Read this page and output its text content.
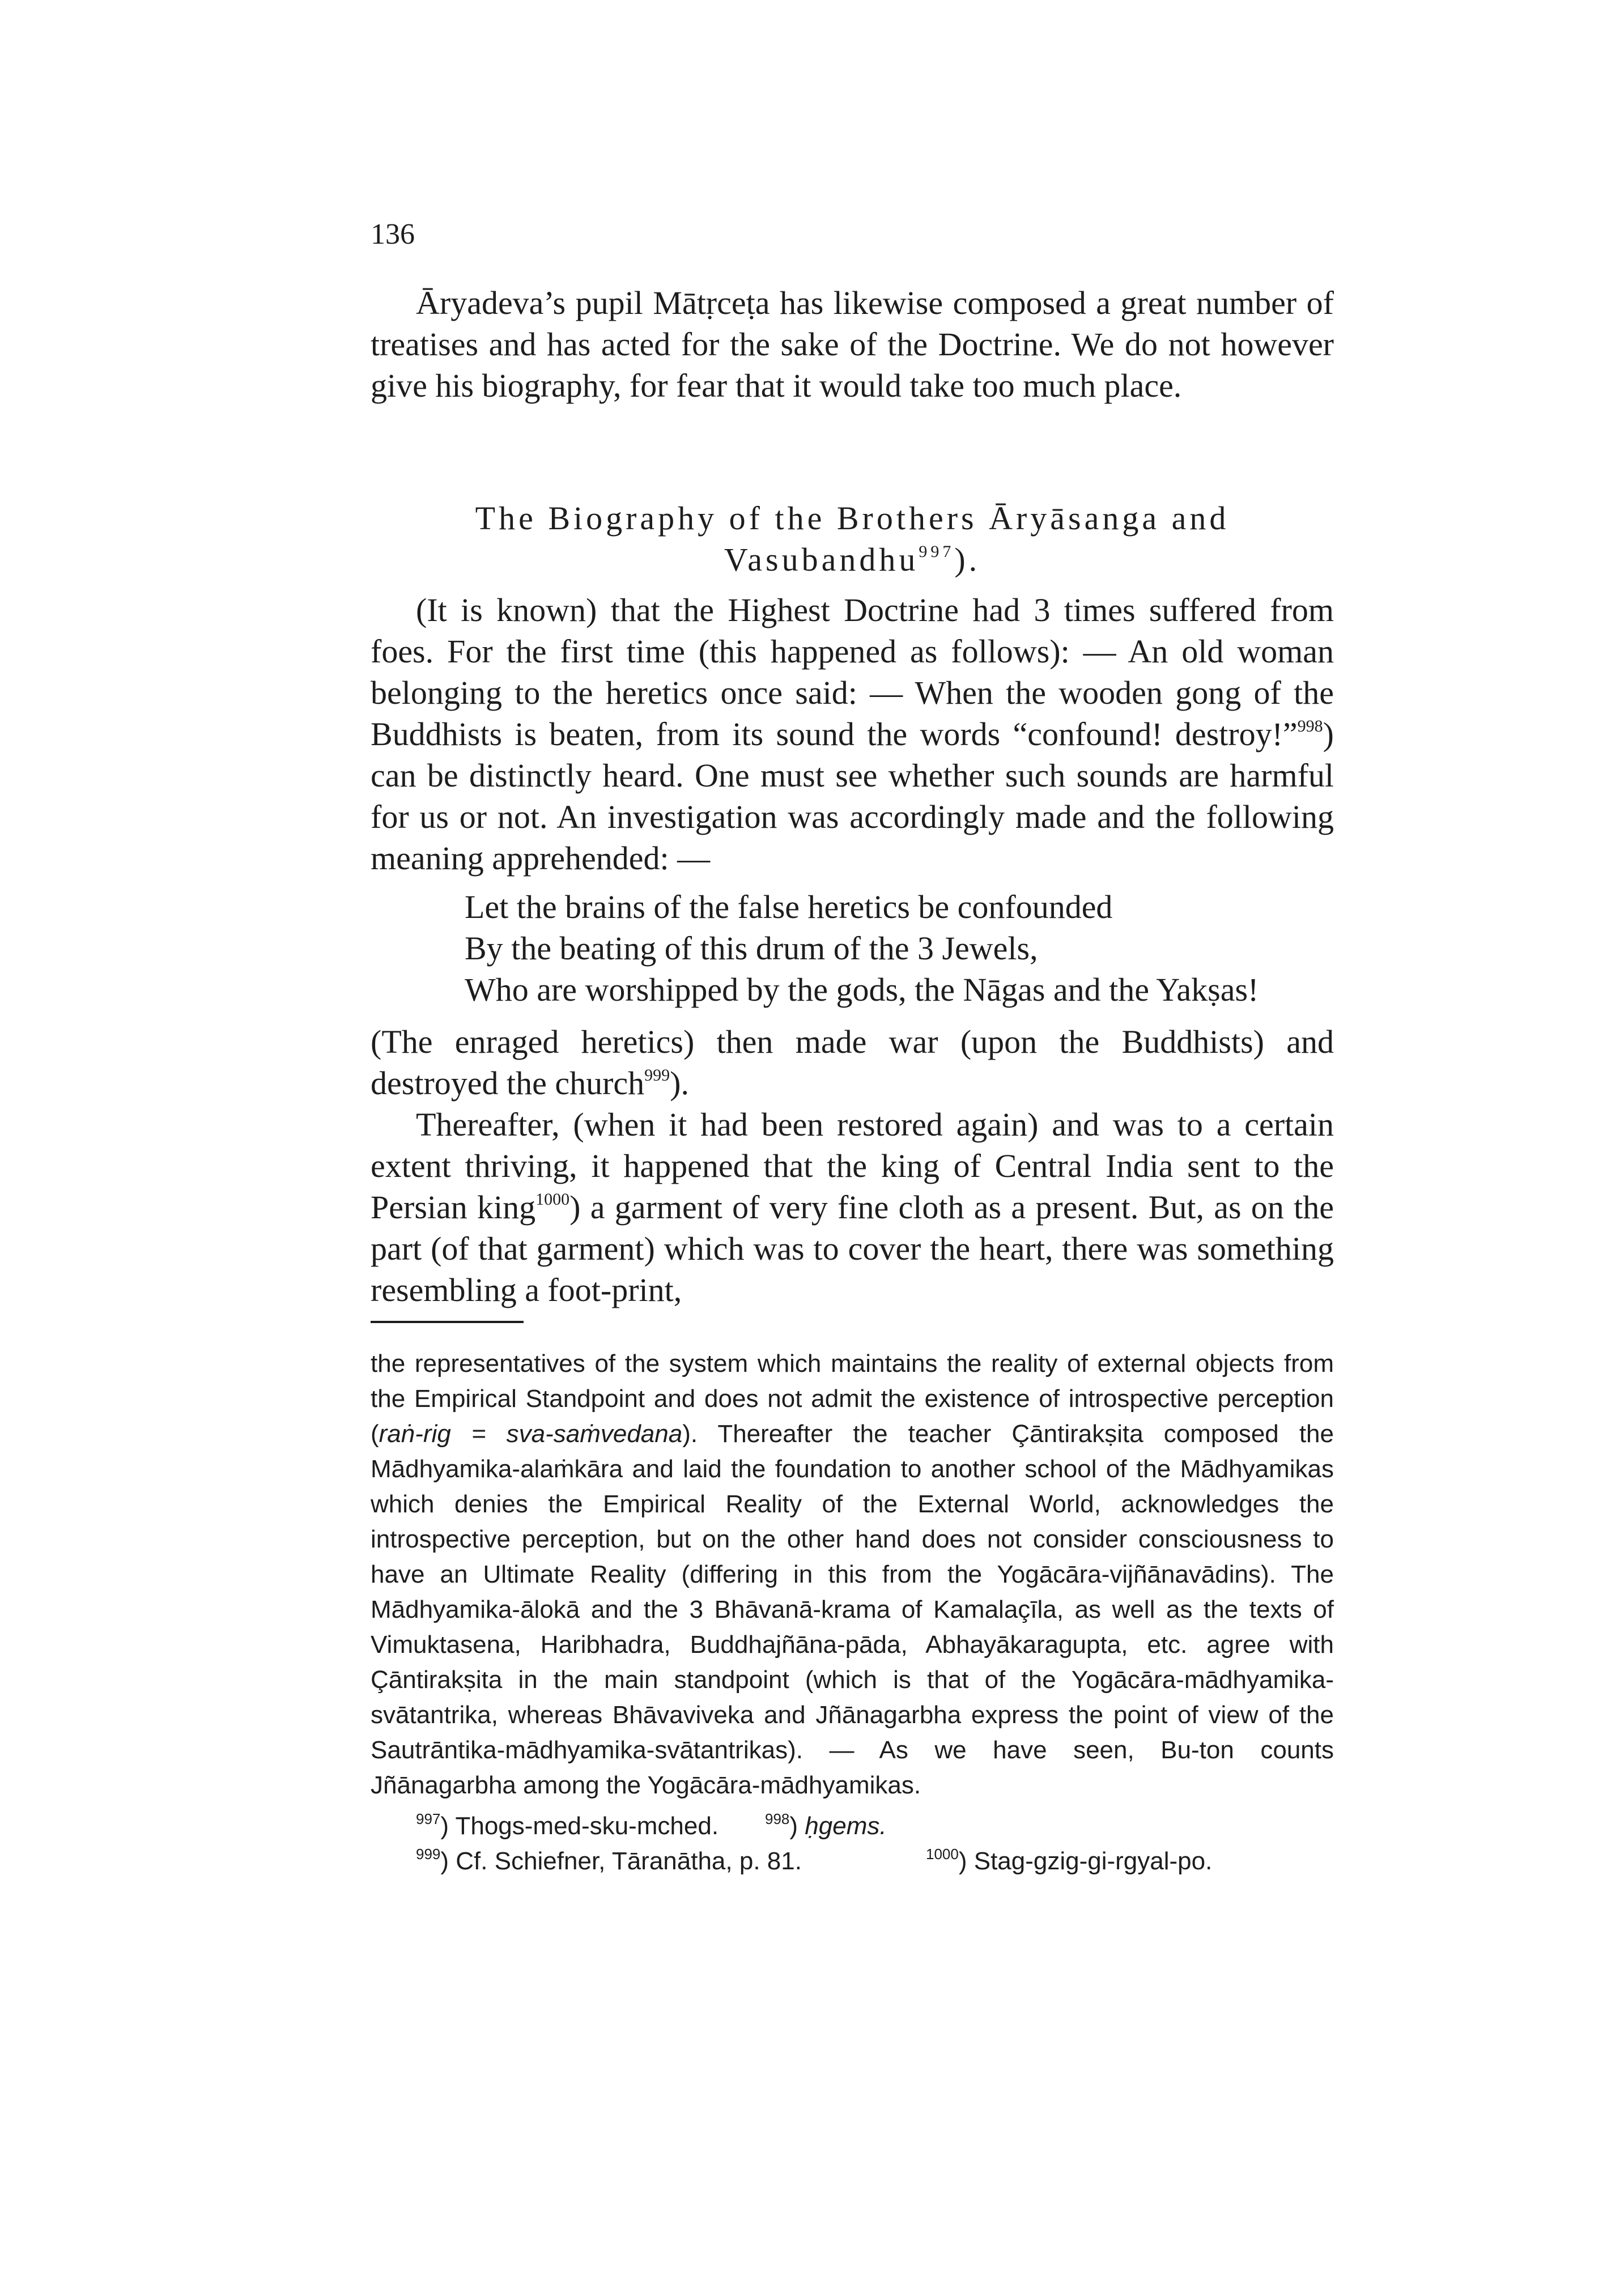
136
Āryadeva’s pupil Mātṛceṭa has likewise composed a great number of treatises and has acted for the sake of the Doctrine. We do not however give his biography, for fear that it would take too much place.
The Biography of the Brothers Āryāsanga and
Vasubandhu$^{997}$).
(It is known) that the Highest Doctrine had 3 times suffered from foes. For the first time (this happened as follows): — An old woman belonging to the heretics once said: — When the wooden gong of the Buddhists is beaten, from its sound the words “confound! destroy!”$^{998}$) can be distinctly heard. One must see whether such sounds are harmful for us or not. An investigation was accordingly made and the following meaning apprehended: —
Let the brains of the false heretics be confounded
By the beating of this drum of the 3 Jewels,
Who are worshipped by the gods, the Nāgas and the Yakṣas!
(The enraged heretics) then made war (upon the Buddhists) and destroyed the church$^{999}$).
Thereafter, (when it had been restored again) and was to a certain extent thriving, it happened that the king of Central India sent to the Persian king$^{1000}$) a garment of very fine cloth as a present. But, as on the part (of that garment) which was to cover the heart, there was something resembling a foot-print,
the representatives of the system which maintains the reality of external objects from the Empirical Standpoint and does not admit the existence of introspective perception (raṅ-rig = sva-saṁvedana). Thereafter the teacher Çāntirakṣita composed the Mādhyamika-alaṁkāra and laid the foundation to another school of the Mādhyamikas which denies the Empirical Reality of the External World, acknowledges the introspective perception, but on the other hand does not consider consciousness to have an Ultimate Reality (differing in this from the Yogācāra-vijñānavādins). The Mādhyamika-ālokā and the 3 Bhāvanā-krama of Kamalaçīla, as well as the texts of Vimuktasena, Haribhadra, Buddhajñāna-pāda, Abhayākaragupta, etc. agree with Çāntirakṣita in the main standpoint (which is that of the Yogācāra-mādhyamika-svātantrika, whereas Bhāvaviveka and Jñānagarbha express the point of view of the Sautrāntika-mādhyamika-svātantrikas). — As we have seen, Bu-ton counts Jñānagarbha among the Yogācāra-mādhyamikas.
$^{997}$) Thogs-med-sku-mched.	$^{998}$) ḥgems.
$^{999}$) Cf. Schiefner, Tāranātha, p. 81.	$^{1000}$) Stag-gzig-gi-rgyal-po.
